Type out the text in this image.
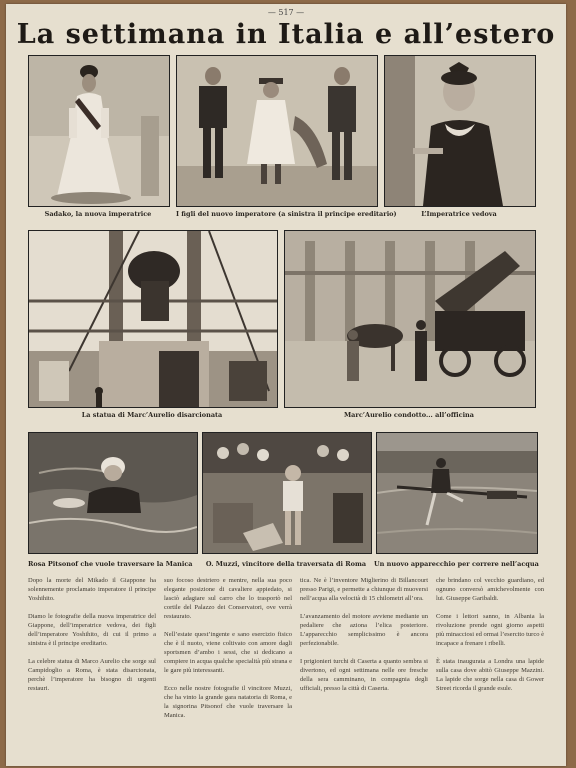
— 517 —
La settimana in Italia e all’estero
Sadako, la nuova imperatrice	I figli del nuovo imperatore (a sinistra il principe ereditario)	L’Imperatrice vedova
La statua di Marc’Aurelio disarcionata	Marc’Aurelio condotto... all’officina
Rosa Pitsonof che vuole traversare la Manica	O. Muzzi, vincitore della traversata di Roma	Un nuovo apparecchio per correre nell’acqua

Dopo la morte del Mikado il Giappone ha solennemente proclamato imperatore il principe Yoshihito.

Diamo le fotografie della nuova imperatrice del Giappone, dell’imperatrice vedova, dei figli dell’imperatore Yoshihito, di cui il primo a sinistra è il principe ereditario.

La celebre statua di Marco Aurelio che sorge sul Campidoglio a Roma, è stata disarcionata, perchè l’imperatore ha bisogno di urgenti restauri.

suo focoso destriero e mentre, nella sua poco elegante posizione di cavaliere appiedato, si lasciò adagiare sul carro che lo trasportò nel cortile del Palazzo dei Conservatori, ove verrà restaurato.

Nell’estate quest’ingente e sano esercizio fisico che è il nuoto, viene coltivato con amore dagli sportsmen d’ambo i sessi, che si dedicano a compiere in acqua qualche specialità più strana e le gare più interessanti.

Ecco nelle nostre fotografie il vincitore Muzzi, che ha vinto la grande gara natatoria di Roma, e la signorina Pitsonof che vuole traversare la Manica.

tica. Ne è l’inventore Miglierino di Billancourt presso Parigi, e permette a chiunque di muoversi nell’acqua alla velocità di 15 chilometri all’ora.

L’avanzamento del motore avviene mediante un pedaliere che aziona l’elica posteriore. L’apparecchio semplicissimo è ancora perfezionabile.

I prigionieri turchi di Caserta a quanto sembra si divertono, ed ogni settimana nelle ore fresche della sera camminano, in compagnia degli ufficiali, presso la città di Caserta.

che brindano col vecchio guardiano, ed ognuno conversò amichevolmente con lui. Giuseppe Garibaldi.

Come i lettori sanno, in Albania la rivoluzione prende ogni giorno aspetti più minacciosi ed ormai l’esercito turco è incapace a frenare i ribelli.

È stata inaugurata a Londra una lapide sulla casa dove abitò Giuseppe Mazzini. La lapide che sorge nella casa di Gower Street ricorda il grande esule.
